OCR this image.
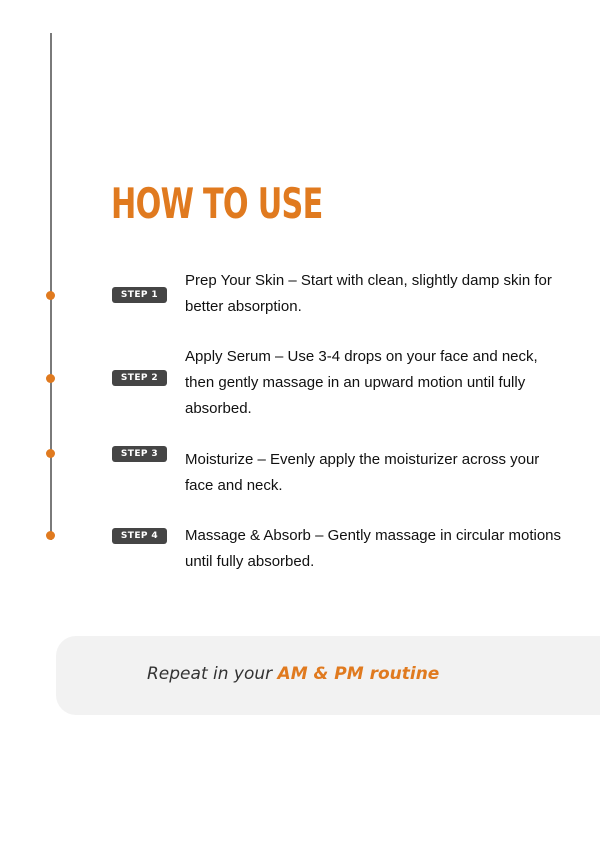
HOW TO USE
STEP 1

Prep Your Skin – Start with clean, slightly damp skin for better absorption.

STEP 2

Apply Serum – Use 3-4 drops on your face and neck, then gently massage in an upward motion until fully absorbed.

STEP 3	Moisturize – Evenly apply the moisturizer across your face and neck.

STEP 4	Massage & Absorb – Gently massage in circular motions until fully absorbed.

Repeat in your AM & PM routine
